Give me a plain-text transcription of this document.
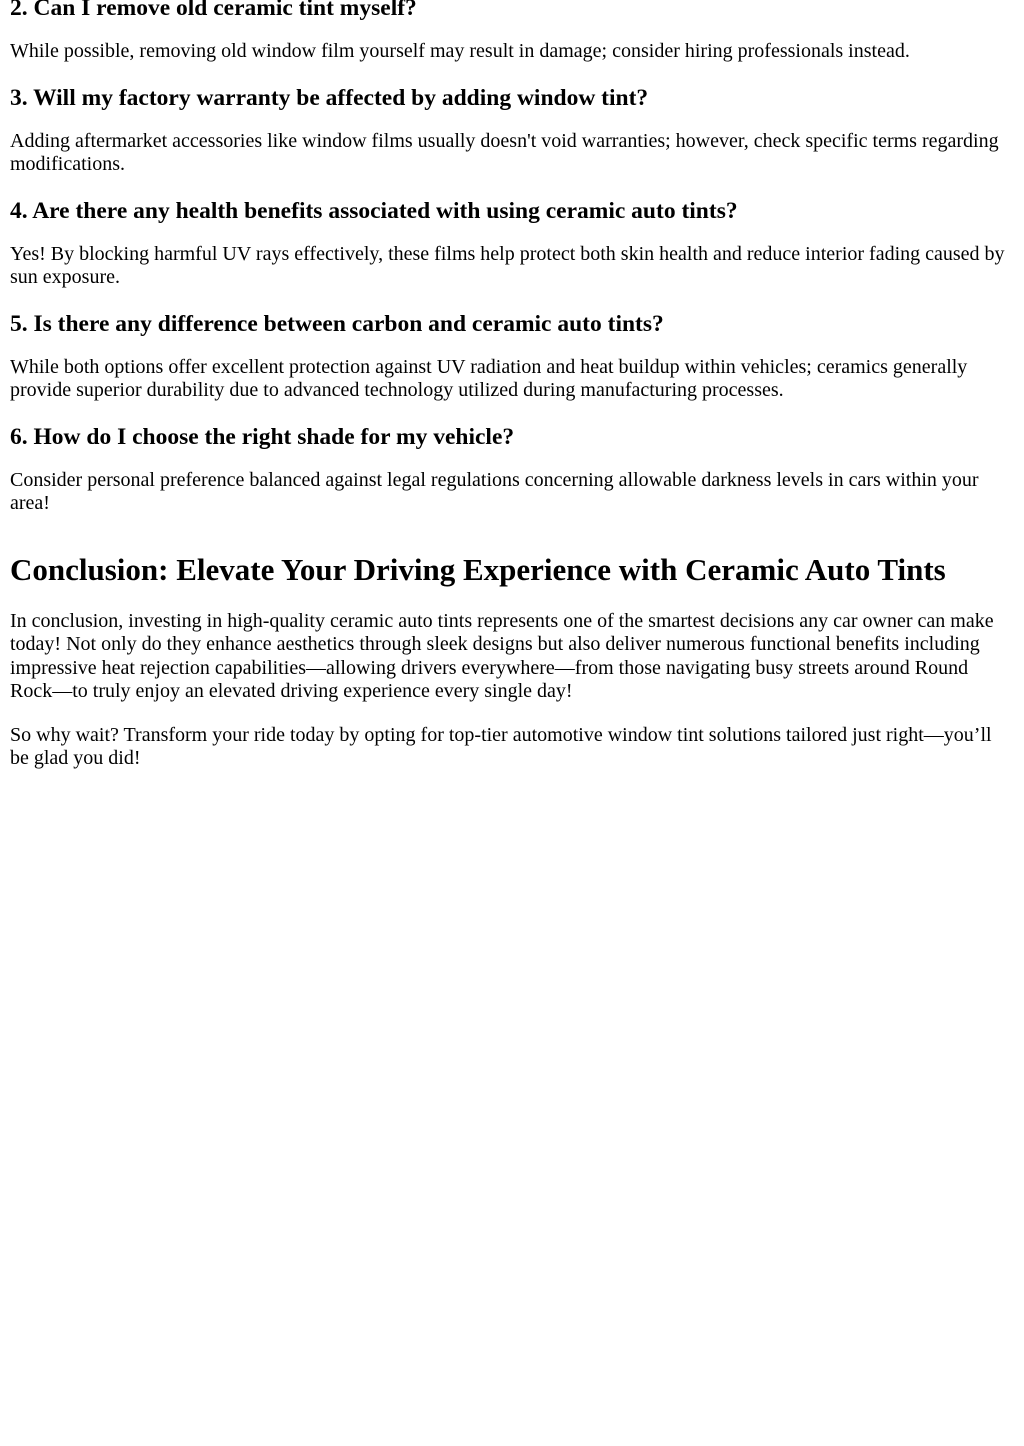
2. Can I remove old ceramic tint myself?

While possible, removing old window film yourself may result in damage; consider hiring professionals instead.

3. Will my factory warranty be affected by adding window tint?

Adding aftermarket accessories like window films usually doesn't void warranties; however, check specific terms regarding modifications.

4. Are there any health benefits associated with using ceramic auto tints?

Yes! By blocking harmful UV rays effectively, these films help protect both skin health and reduce interior fading caused by sun exposure.

5. Is there any difference between carbon and ceramic auto tints?

While both options offer excellent protection against UV radiation and heat buildup within vehicles; ceramics generally provide superior durability due to advanced technology utilized during manufacturing processes.

6. How do I choose the right shade for my vehicle?

Consider personal preference balanced against legal regulations concerning allowable darkness levels in cars within your area!

Conclusion: Elevate Your Driving Experience with Ceramic Auto Tints

In conclusion, investing in high-quality ceramic auto tints represents one of the smartest decisions any car owner can make today! Not only do they enhance aesthetics through sleek designs but also deliver numerous functional benefits including impressive heat rejection capabilities—allowing drivers everywhere—from those navigating busy streets around Round Rock—to truly enjoy an elevated driving experience every single day!

So why wait? Transform your ride today by opting for top-tier automotive window tint solutions tailored just right—you’ll be glad you did!
